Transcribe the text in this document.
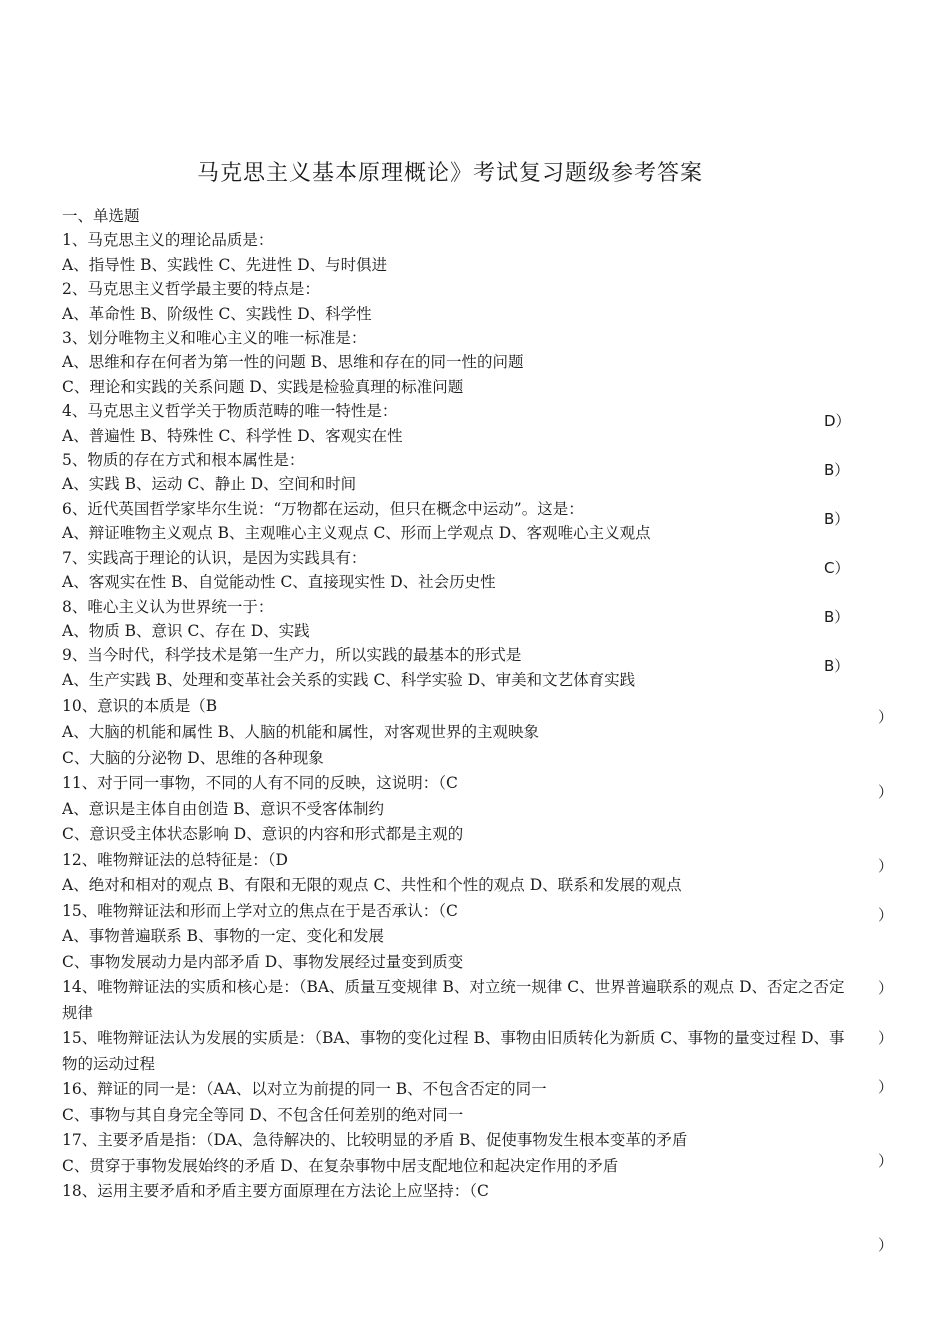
马克思主义基本原理概论》考试复习题级参考答案
一、单选题
1、马克思主义的理论品质是：
A、指导性 B、实践性 C、先进性 D、与时俱进
2、马克思主义哲学最主要的特点是：
A、革命性 B、阶级性 C、实践性 D、科学性
3、划分唯物主义和唯心主义的唯一标准是：
A、思维和存在何者为第一性的问题 B、思维和存在的同一性的问题
C、理论和实践的关系问题 D、实践是检验真理的标准问题
4、马克思主义哲学关于物质范畴的唯一特性是：
A、普遍性 B、特殊性 C、科学性 D、客观实在性
5、物质的存在方式和根本属性是：
A、实践 B、运动 C、静止 D、空间和时间
6、近代英国哲学家毕尔生说：“万物都在运动，但只在概念中运动”。这是：
A、辩证唯物主义观点 B、主观唯心主义观点 C、形而上学观点 D、客观唯心主义观点
7、实践高于理论的认识，是因为实践具有：
A、客观实在性 B、自觉能动性 C、直接现实性 D、社会历史性
8、唯心主义认为世界统一于：
A、物质 B、意识 C、存在 D、实践
9、当今时代，科学技术是第一生产力，所以实践的最基本的形式是
A、生产实践 B、处理和变革社会关系的实践 C、科学实验 D、审美和文艺体育实践
10、意识的本质是（B
A、大脑的机能和属性 B、人脑的机能和属性，对客观世界的主观映象
C、大脑的分泌物 D、思维的各种现象
11、对于同一事物，不同的人有不同的反映，这说明：（C
A、意识是主体自由创造 B、意识不受客体制约
C、意识受主体状态影响 D、意识的内容和形式都是主观的
12、唯物辩证法的总特征是：（D
A、绝对和相对的观点 B、有限和无限的观点 C、共性和个性的观点 D、联系和发展的观点
15、唯物辩证法和形而上学对立的焦点在于是否承认：（C
A、事物普遍联系 B、事物的一定、变化和发展
C、事物发展动力是内部矛盾 D、事物发展经过量变到质变
14、唯物辩证法的实质和核心是：（BA、质量互变规律 B、对立统一规律 C、世界普遍联系的观点 D、否定之否定规律
15、唯物辩证法认为发展的实质是：（BA、事物的变化过程 B、事物由旧质转化为新质 C、事物的量变过程 D、事物的运动过程
16、辩证的同一是：（AA、以对立为前提的同一 B、不包含否定的同一
C、事物与其自身完全等同 D、不包含任何差别的绝对同一
17、主要矛盾是指：（DA、急待解决的、比较明显的矛盾 B、促使事物发生根本变革的矛盾
C、贯穿于事物发展始终的矛盾 D、在复杂事物中居支配地位和起决定作用的矛盾
18、运用主要矛盾和矛盾主要方面原理在方法论上应坚持：（C
D）
B）
B）
C）
B）
B）
）
）
）
）
）
）
）
）
）
